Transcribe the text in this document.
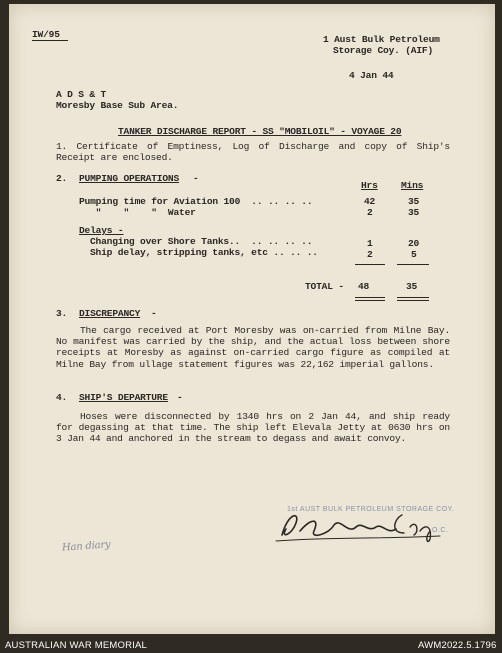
IW/95	1 Aust Bulk Petroleum
Storage Coy. (AIF)
4 Jan 44
A D S & T
Moresby Base Sub Area.
TANKER DISCHARGE REPORT - SS "MOBILOIL" - VOYAGE 20
1. Certificate of Emptiness, Log of Discharge and copy of Ship's Receipt are enclosed.
2. PUMPING OPERATIONS -
Hrs Mins
Pumping time for Aviation 100  .. .. .. ..	42	35
"    "    "  Water	2	35
Delays -
Changing over Shore Tanks..  .. .. .. ..	1	20
Ship delay, stripping tanks, etc .. .. ..	2	5
TOTAL - 48	35
3. DISCREPANCY -
The cargo received at Port Moresby was on-carried from Milne Bay. No manifest was carried by the ship, and the actual loss between shore receipts at Moresby as against on-carried cargo figure as compiled at Milne Bay from ullage statement figures was 22,162 imperial gallons.
4. SHIP'S DEPARTURE -
Hoses were disconnected by 1340 hrs on 2 Jan 44, and ship ready for degassing at that time. The ship left Elevala Jetty at 0630 hrs on 3 Jan 44 and anchored in the stream to degass and await convoy.
1st AUST BULK PETROLEUM STORAGE COY.
O.C.
Han diary
AUSTRALIAN WAR MEMORIAL	AWM2022.5.1796
